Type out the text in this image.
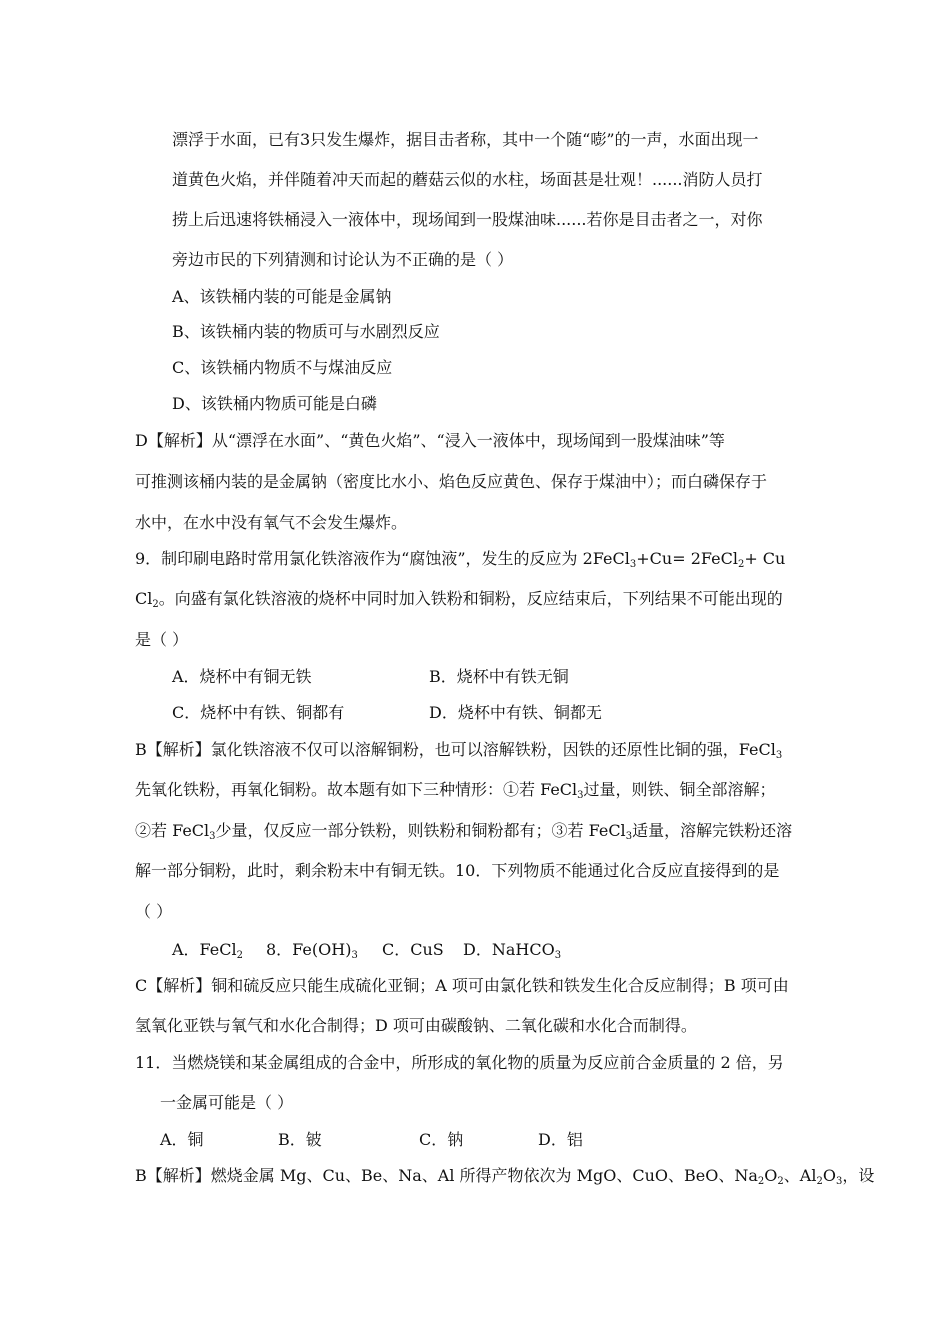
漂浮于水面，已有3只发生爆炸，据目击者称，其中一个随“嘭”的一声，水面出现一
道黄色火焰，并伴随着冲天而起的蘑菇云似的水柱，场面甚是壮观！......消防人员打
捞上后迅速将铁桶浸入一液体中，现场闻到一股煤油味......若你是目击者之一，对你
旁边市民的下列猜测和讨论认为不正确的是（ ）
A、该铁桶内装的可能是金属钠
B、该铁桶内装的物质可与水剧烈反应
C、该铁桶内物质不与煤油反应
D、该铁桶内物质可能是白磷
D【解析】从“漂浮在水面”、“黄色火焰”、“浸入一液体中，现场闻到一股煤油味”等
可推测该桶内装的是金属钠（密度比水小、焰色反应黄色、保存于煤油中）；而白磷保存于
水中，在水中没有氧气不会发生爆炸。
9．制印刷电路时常用氯化铁溶液作为“腐蚀液”，发生的反应为 2FeCl$_3$+Cu= 2FeCl$_2$+ Cu
$Cl_2$。向盛有氯化铁溶液的烧杯中同时加入铁粉和铜粉，反应结束后，下列结果不可能出现的
是（ ）
A．烧杯中有铜无铁	B．烧杯中有铁无铜
C．烧杯中有铁、铜都有	D．烧杯中有铁、铜都无
B【解析】氯化铁溶液不仅可以溶解铜粉，也可以溶解铁粉，因铁的还原性比铜的强，FeCl$_3$
先氧化铁粉，再氧化铜粉。故本题有如下三种情形：①若 FeCl$_3$过量，则铁、铜全部溶解；
②若 FeCl$_3$少量，仅反应一部分铁粉，则铁粉和铜粉都有；③若 FeCl$_3$适量，溶解完铁粉还溶
解一部分铜粉，此时，剩余粉末中有铜无铁。10．下列物质不能通过化合反应直接得到的是
（ ）
A．FeCl$_2$ 8．$Fe(OH)_3$ C．CuS D．NaHCO$_3$
C【解析】铜和硫反应只能生成硫化亚铜；A 项可由氯化铁和铁发生化合反应制得；B 项可由
氢氧化亚铁与氧气和水化合制得；D 项可由碳酸钠、二氧化碳和水化合而制得。
11．当燃烧镁和某金属组成的合金中，所形成的氧化物的质量为反应前合金质量的 2 倍，另
一金属可能是（ ）
A．铜	B．铍	C．钠	D．铝
B【解析】燃烧金属 Mg、Cu、Be、Na、Al 所得产物依次为 MgO、CuO、BeO、$Na_2O_2$、$Al_2O_3$，设
